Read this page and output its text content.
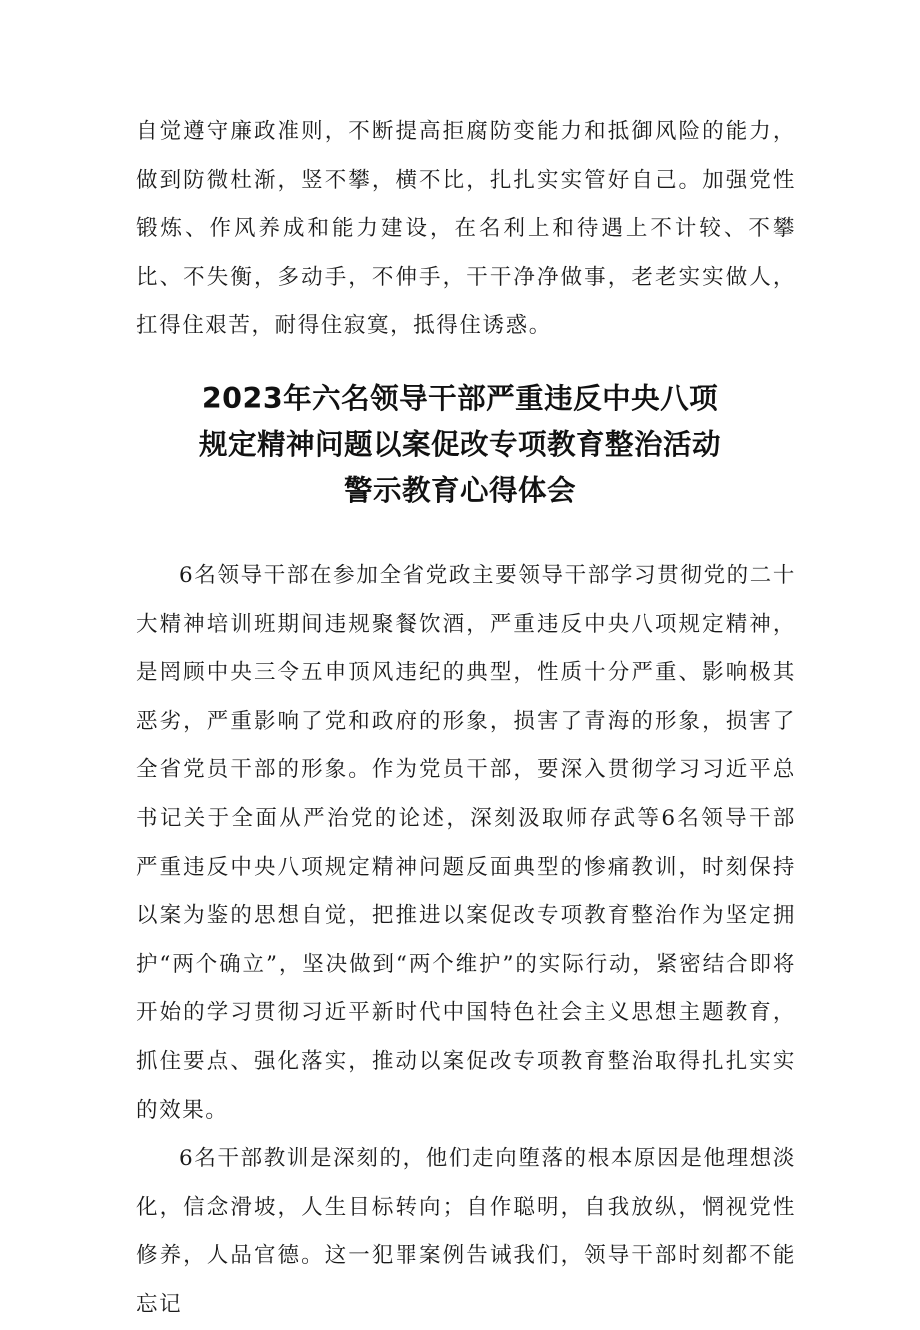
自觉遵守廉政准则，不断提高拒腐防变能力和抵御风险的能力，做到防微杜渐，竖不攀，横不比，扎扎实实管好自己。加强党性锻炼、作风养成和能力建设，在名利上和待遇上不计较、不攀比、不失衡，多动手，不伸手，干干净净做事，老老实实做人，扛得住艰苦，耐得住寂寞，抵得住诱惑。

2023年六名领导干部严重违反中央八项
规定精神问题以案促改专项教育整治活动
警示教育心得体会

6名领导干部在参加全省党政主要领导干部学习贯彻党的二十大精神培训班期间违规聚餐饮酒，严重违反中央八项规定精神，是罔顾中央三令五申顶风违纪的典型，性质十分严重、影响极其恶劣，严重影响了党和政府的形象，损害了青海的形象，损害了全省党员干部的形象。作为党员干部，要深入贯彻学习习近平总书记关于全面从严治党的论述，深刻汲取师存武等6名领导干部严重违反中央八项规定精神问题反面典型的惨痛教训，时刻保持以案为鉴的思想自觉，把推进以案促改专项教育整治作为坚定拥护“两个确立”，坚决做到“两个维护”的实际行动，紧密结合即将开始的学习贯彻习近平新时代中国特色社会主义思想主题教育，抓住要点、强化落实，推动以案促改专项教育整治取得扎扎实实的效果。

6名干部教训是深刻的，他们走向堕落的根本原因是他理想淡化，信念滑坡，人生目标转向；自作聪明，自我放纵，惘视党性修养，人品官德。这一犯罪案例告诫我们，领导干部时刻都不能忘记
